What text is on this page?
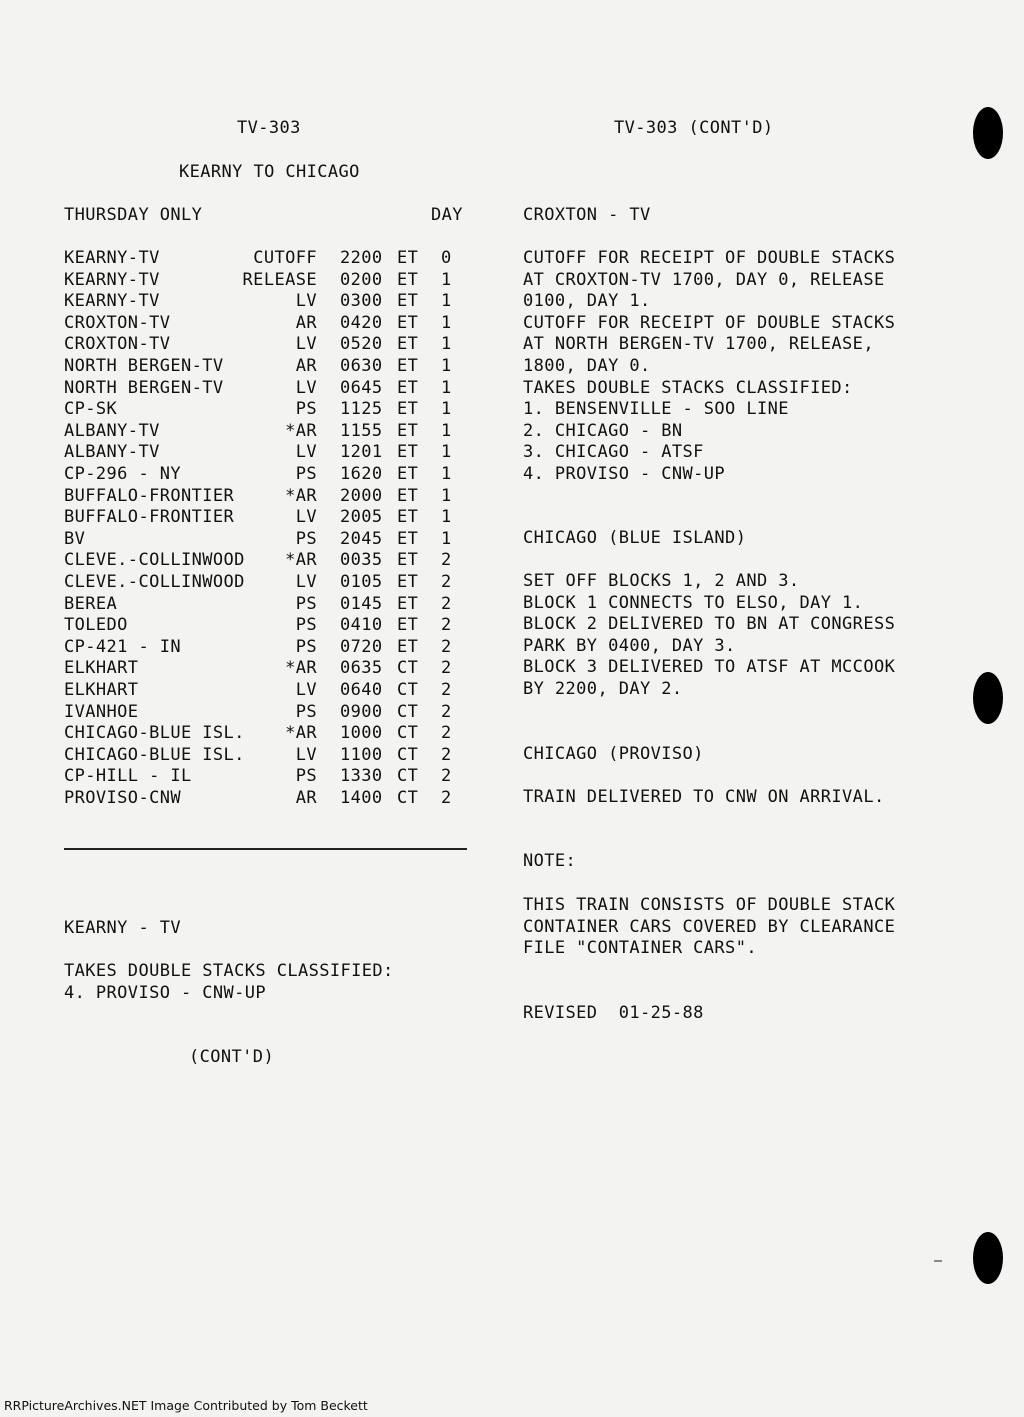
TV-303
KEARNY TO CHICAGO
THURSDAY ONLY	DAY
KEARNY-TV	CUTOFF 2200 ET 0
KEARNY-TV	RELEASE 0200 ET 1
KEARNY-TV	LV 0300 ET 1
CROXTON-TV	AR 0420 ET 1
CROXTON-TV	LV 0520 ET 1
NORTH BERGEN-TV	AR 0630 ET 1
NORTH BERGEN-TV	LV 0645 ET 1
CP-SK	PS 1125 ET 1
ALBANY-TV	*AR 1155 ET 1
ALBANY-TV	LV 1201 ET 1
CP-296 - NY	PS 1620 ET 1
BUFFALO-FRONTIER	*AR 2000 ET 1
BUFFALO-FRONTIER	LV 2005 ET 1
BV	PS 2045 ET 1
CLEVE.-COLLINWOOD	*AR 0035 ET 2
CLEVE.-COLLINWOOD	LV 0105 ET 2
BEREA	PS 0145 ET 2
TOLEDO	PS 0410 ET 2
CP-421 - IN	PS 0720 ET 2
ELKHART	*AR 0635 CT 2
ELKHART	LV 0640 CT 2
IVANHOE	PS 0900 CT 2
CHICAGO-BLUE ISL.	*AR 1000 CT 2
CHICAGO-BLUE ISL.	LV 1100 CT 2
CP-HILL - IL	PS 1330 CT 2
PROVISO-CNW	AR 1400 CT 2
KEARNY - TV
TAKES DOUBLE STACKS CLASSIFIED:
4. PROVISO - CNW-UP
(CONT'D)
TV-303 (CONT'D)
CROXTON - TV
CUTOFF FOR RECEIPT OF DOUBLE STACKS
AT CROXTON-TV 1700, DAY 0, RELEASE
0100, DAY 1.
CUTOFF FOR RECEIPT OF DOUBLE STACKS
AT NORTH BERGEN-TV 1700, RELEASE,
1800, DAY 0.
TAKES DOUBLE STACKS CLASSIFIED:
1. BENSENVILLE - SOO LINE
2. CHICAGO - BN
3. CHICAGO - ATSF
4. PROVISO - CNW-UP
CHICAGO (BLUE ISLAND)
SET OFF BLOCKS 1, 2 AND 3.
BLOCK 1 CONNECTS TO ELSO, DAY 1.
BLOCK 2 DELIVERED TO BN AT CONGRESS
PARK BY 0400, DAY 3.
BLOCK 3 DELIVERED TO ATSF AT MCCOOK
BY 2200, DAY 2.
CHICAGO (PROVISO)
TRAIN DELIVERED TO CNW ON ARRIVAL.
NOTE:
THIS TRAIN CONSISTS OF DOUBLE STACK
CONTAINER CARS COVERED BY CLEARANCE
FILE "CONTAINER CARS".
REVISED  01-25-88
RRPictureArchives.NET Image Contributed by Tom Beckett
